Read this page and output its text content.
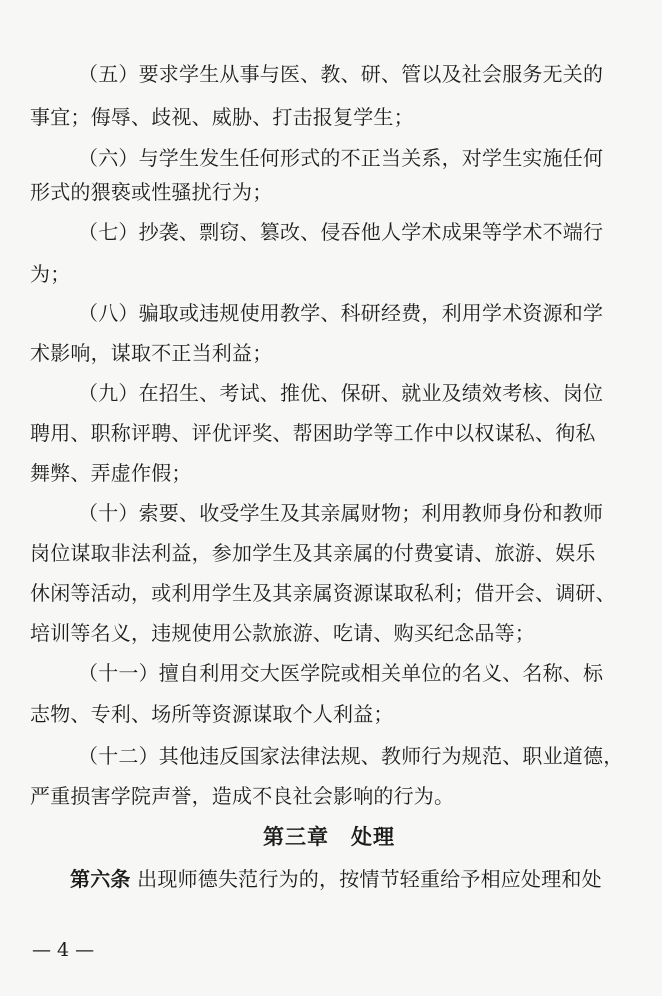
（五）要求学生从事与医、教、研、管以及社会服务无关的
事宜；侮辱、歧视、威胁、打击报复学生；
（六）与学生发生任何形式的不正当关系，对学生实施任何
形式的猥亵或性骚扰行为；
（七）抄袭、剽窃、篡改、侵吞他人学术成果等学术不端行
为；
（八）骗取或违规使用教学、科研经费，利用学术资源和学
术影响，谋取不正当利益；
（九）在招生、考试、推优、保研、就业及绩效考核、岗位
聘用、职称评聘、评优评奖、帮困助学等工作中以权谋私、徇私
舞弊、弄虚作假；
（十）索要、收受学生及其亲属财物；利用教师身份和教师
岗位谋取非法利益，参加学生及其亲属的付费宴请、旅游、娱乐
休闲等活动，或利用学生及其亲属资源谋取私利；借开会、调研、
培训等名义，违规使用公款旅游、吃请、购买纪念品等；
（十一）擅自利用交大医学院或相关单位的名义、名称、标
志物、专利、场所等资源谋取个人利益；
（十二）其他违反国家法律法规、教师行为规范、职业道德，
严重损害学院声誉，造成不良社会影响的行为。
第三章　处理
第六条 出现师德失范行为的，按情节轻重给予相应处理和处
— 4 —
